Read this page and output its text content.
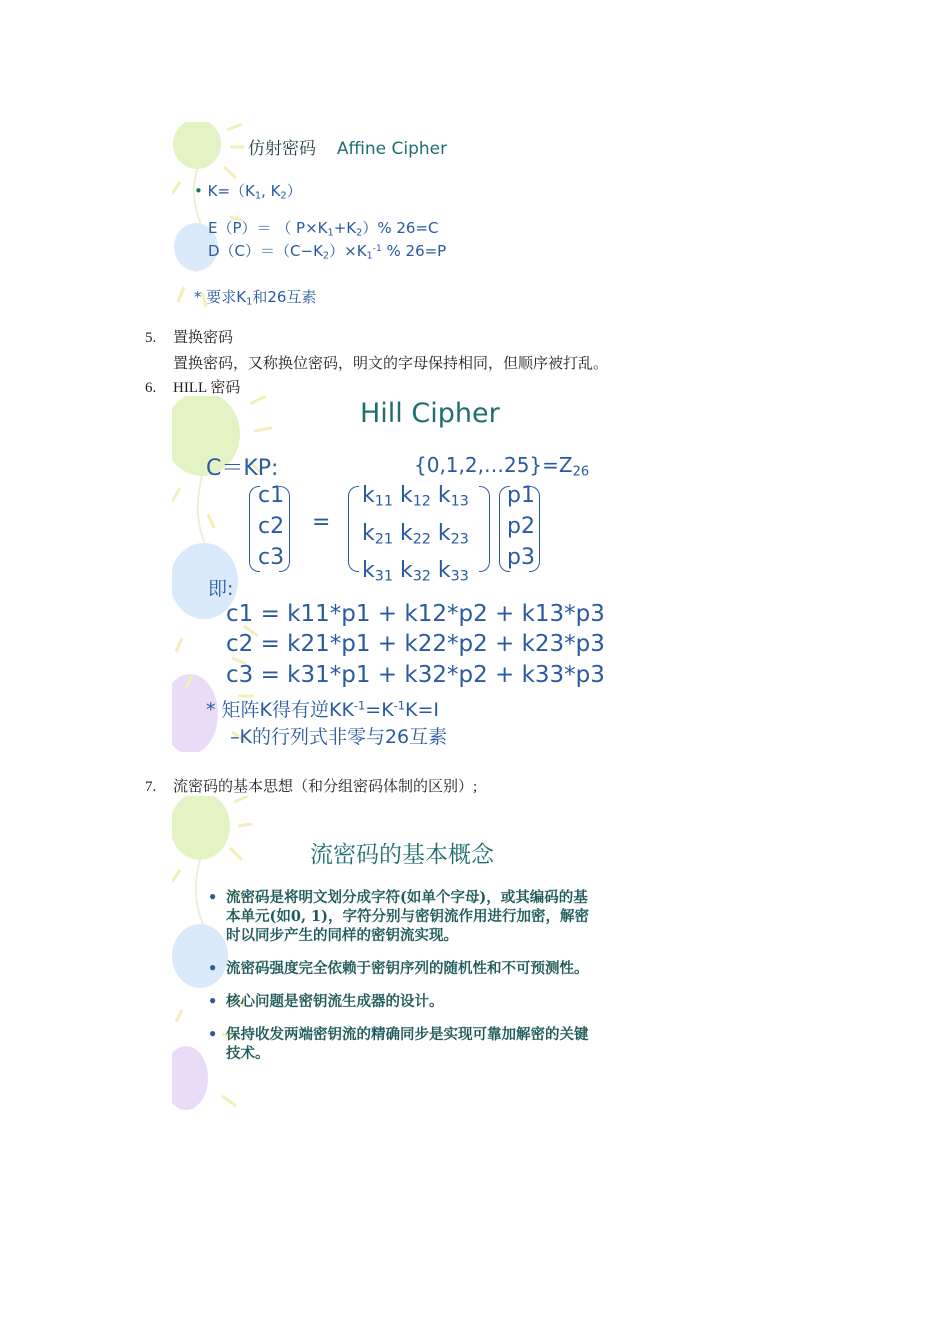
仿射密码 Affine Cipher
• $K=(K_1$, $K_2$）
E（P）＝ （ $P\times K_1+K_2)\%$ 26=C
$D(C)=(C-K_2)\times K_1^{-1}$ % 26=P
* 要求$K_1$和26互素
5. 置换密码
置换密码，又称换位密码，明文的字母保持相同，但顺序被打乱。
6. HILL 密码
Hill Cipher
C＝KP:	$\{0,1,2,\dots 25\}=Z_{26}$
c1
c2
c3
=
$k_{11}$ $k_{12}$ $k_{13}$
$k_{21}$ $k_{22}$ $k_{23}$
$k_{31}$ $k_{32}$ $k_{33}$
p1
p2
p3
即:
c1 = k11*p1 + k12*p2 + k13*p3
c2 = k21*p1 + k22*p2 + k23*p3
c3 = k31*p1 + k32*p2 + k33*p3
* 矩阵K得有逆$KK^{-1}=K^{-1}K=I$
–K的行列式非零与26互素
7. 流密码的基本思想（和分组密码体制的区别）;
流密码的基本概念
• 流密码是将明文划分成字符(如单个字母)，或其编码的基本单元(如0, 1)，字符分别与密钥流作用进行加密，解密时以同步产生的同样的密钥流实现。
• 流密码强度完全依赖于密钥序列的随机性和不可预测性。
• 核心问题是密钥流生成器的设计。
• 保持收发两端密钥流的精确同步是实现可靠加解密的关键技术。
